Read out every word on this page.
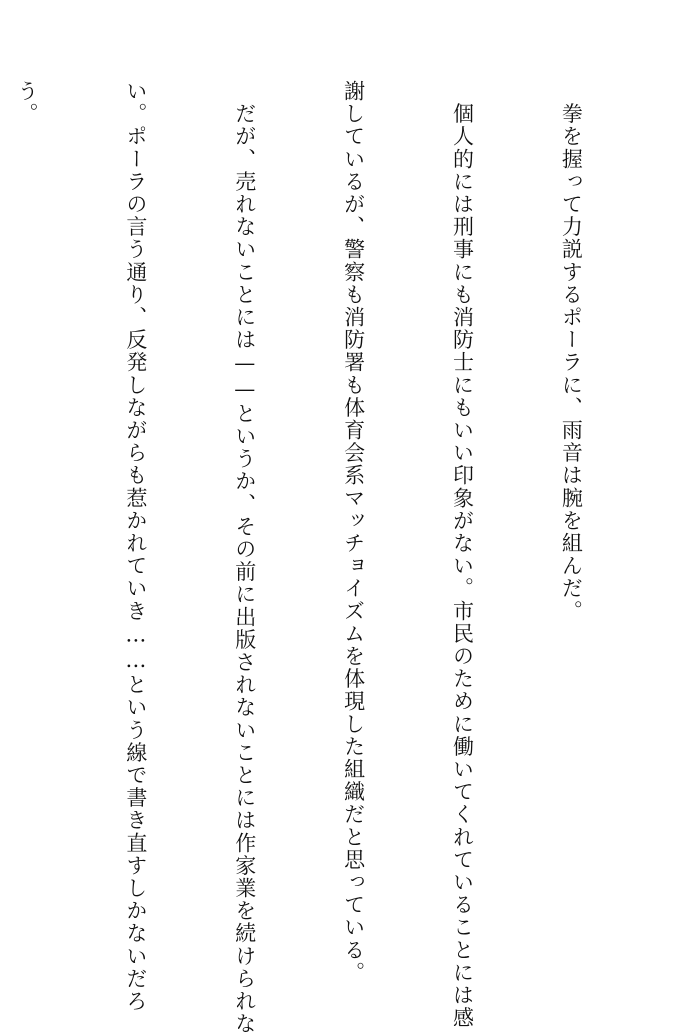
　拳を握って力説するポーラに、雨音は腕を組んだ。

　個人的には刑事にも消防士にもいい印象がない。市民のために働いてくれていることには感

謝しているが、警察も消防署も体育会系マッチョイズムを体現した組織だと思っている。

　だが、売れないことには——というか、その前に出版されないことには作家業を続けられな

い。ポーラの言う通り、反発しながらも惹かれていき……という線で書き直すしかないだろ

う。
